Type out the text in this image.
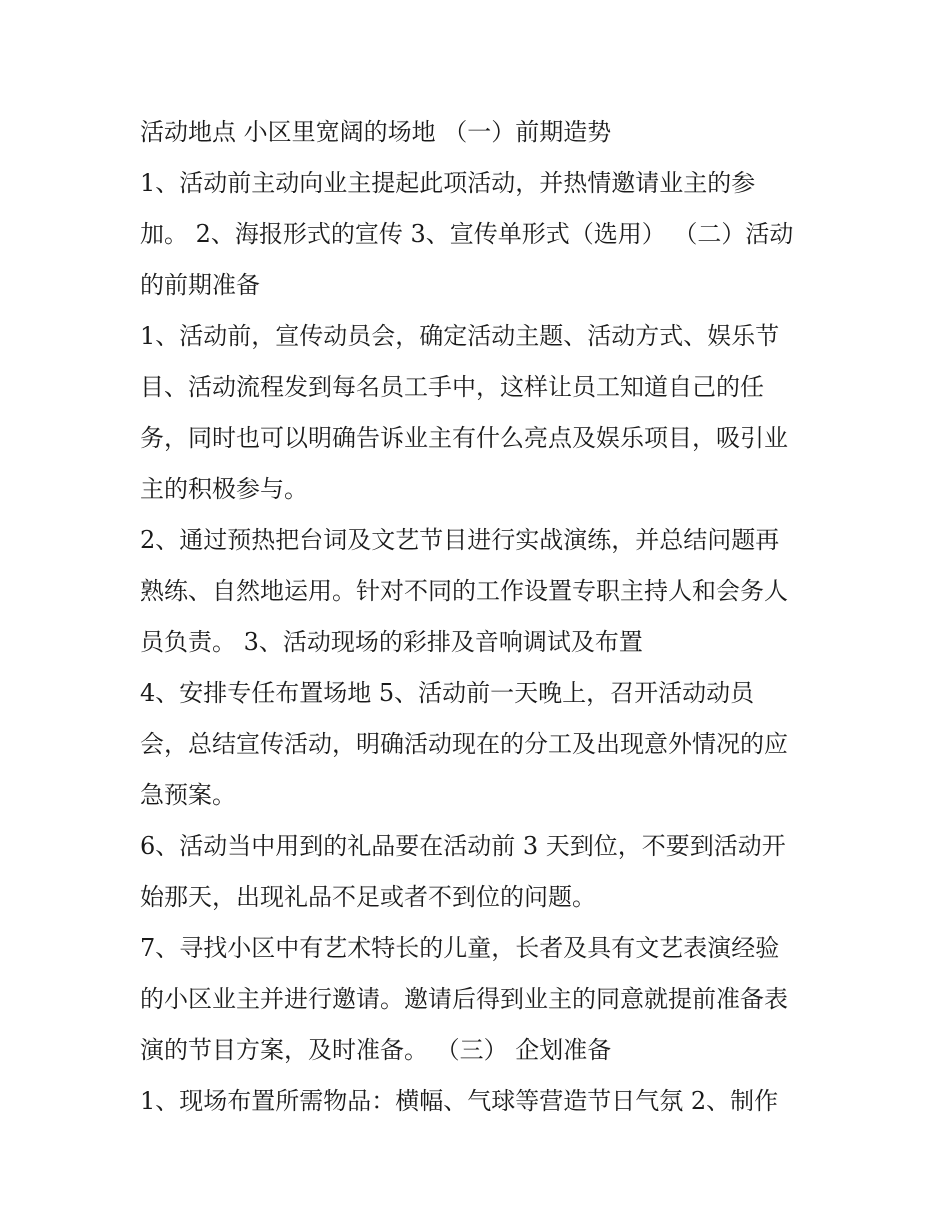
活动地点 小区里宽阔的场地 （一）前期造势
1、活动前主动向业主提起此项活动，并热情邀请业主的参
加。 2、海报形式的宣传 3、宣传单形式（选用） （二）活动
的前期准备
1、活动前，宣传动员会，确定活动主题、活动方式、娱乐节
目、活动流程发到每名员工手中，这样让员工知道自己的任
务，同时也可以明确告诉业主有什么亮点及娱乐项目，吸引业
主的积极参与。
2、通过预热把台词及文艺节目进行实战演练，并总结问题再
熟练、自然地运用。针对不同的工作设置专职主持人和会务人
员负责。 3、活动现场的彩排及音响调试及布置
4、安排专任布置场地 5、活动前一天晚上，召开活动动员
会，总结宣传活动，明确活动现在的分工及出现意外情况的应
急预案。
6、活动当中用到的礼品要在活动前 3 天到位，不要到活动开
始那天，出现礼品不足或者不到位的问题。
7、寻找小区中有艺术特长的儿童，长者及具有文艺表演经验
的小区业主并进行邀请。邀请后得到业主的同意就提前准备表
演的节目方案，及时准备。 （三） 企划准备
1、现场布置所需物品：横幅、气球等营造节日气氛 2、制作
